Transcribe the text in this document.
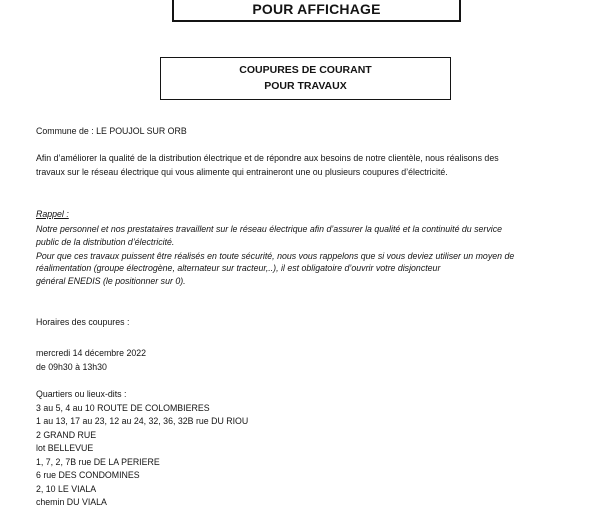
POUR AFFICHAGE
COUPURES DE COURANT
POUR TRAVAUX
Commune de : LE POUJOL SUR ORB
Afin d’améliorer la qualité de la distribution électrique et de répondre aux besoins de notre clientèle, nous réalisons des
travaux sur le réseau électrique qui vous alimente qui entraineront une ou plusieurs coupures d’électricité.
Rappel :
Notre personnel et nos prestataires travaillent sur le réseau électrique afin d’assurer la qualité et la continuité du service
public de la distribution d’électricité.
Pour que ces travaux puissent être réalisés en toute sécurité, nous vous rappelons que si vous deviez utiliser un moyen de
réalimentation (groupe électrogène, alternateur sur tracteur,..), il est obligatoire d’ouvrir votre disjoncteur
général ENEDIS (le positionner sur 0).
Horaires des coupures :
mercredi 14 décembre 2022
de 09h30 à 13h30
Quartiers ou lieux-dits :
3 au 5, 4 au 10 ROUTE DE COLOMBIERES
1 au 13, 17 au 23, 12 au 24, 32, 36, 32B rue DU RIOU
2 GRAND RUE
lot BELLEVUE
1, 7, 2, 7B rue DE LA PERIERE
6 rue DES CONDOMINES
2, 10 LE VIALA
chemin DU VIALA
